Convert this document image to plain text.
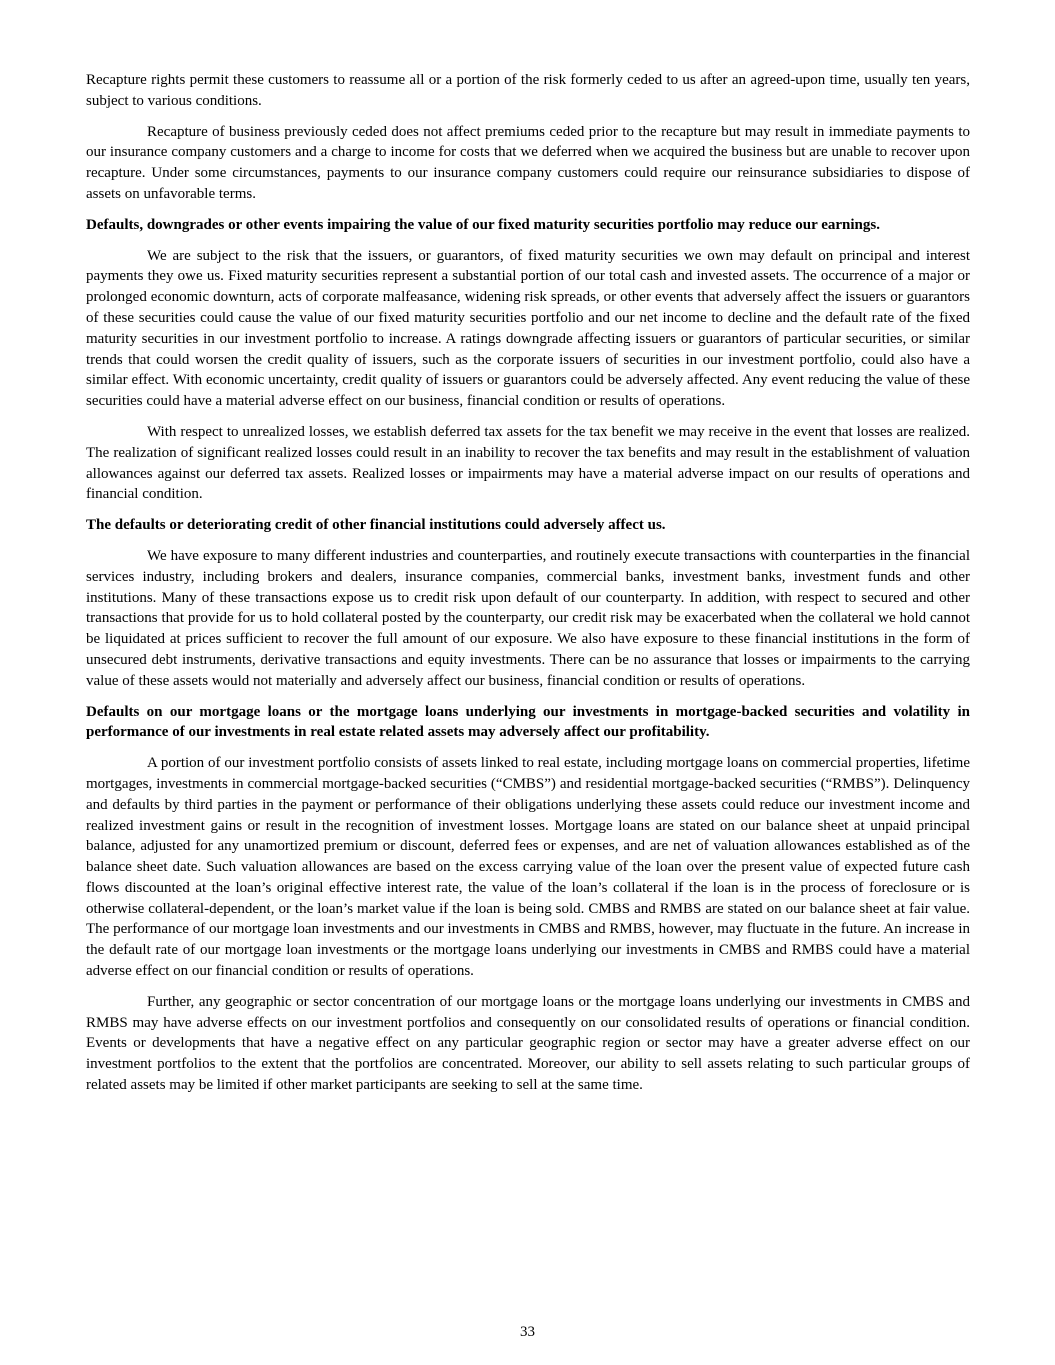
Recapture rights permit these customers to reassume all or a portion of the risk formerly ceded to us after an agreed-upon time, usually ten years, subject to various conditions.

Recapture of business previously ceded does not affect premiums ceded prior to the recapture but may result in immediate payments to our insurance company customers and a charge to income for costs that we deferred when we acquired the business but are unable to recover upon recapture. Under some circumstances, payments to our insurance company customers could require our reinsurance subsidiaries to dispose of assets on unfavorable terms.

Defaults, downgrades or other events impairing the value of our fixed maturity securities portfolio may reduce our earnings.

We are subject to the risk that the issuers, or guarantors, of fixed maturity securities we own may default on principal and interest payments they owe us. Fixed maturity securities represent a substantial portion of our total cash and invested assets. The occurrence of a major or prolonged economic downturn, acts of corporate malfeasance, widening risk spreads, or other events that adversely affect the issuers or guarantors of these securities could cause the value of our fixed maturity securities portfolio and our net income to decline and the default rate of the fixed maturity securities in our investment portfolio to increase. A ratings downgrade affecting issuers or guarantors of particular securities, or similar trends that could worsen the credit quality of issuers, such as the corporate issuers of securities in our investment portfolio, could also have a similar effect. With economic uncertainty, credit quality of issuers or guarantors could be adversely affected. Any event reducing the value of these securities could have a material adverse effect on our business, financial condition or results of operations.

With respect to unrealized losses, we establish deferred tax assets for the tax benefit we may receive in the event that losses are realized. The realization of significant realized losses could result in an inability to recover the tax benefits and may result in the establishment of valuation allowances against our deferred tax assets. Realized losses or impairments may have a material adverse impact on our results of operations and financial condition.

The defaults or deteriorating credit of other financial institutions could adversely affect us.

We have exposure to many different industries and counterparties, and routinely execute transactions with counterparties in the financial services industry, including brokers and dealers, insurance companies, commercial banks, investment banks, investment funds and other institutions. Many of these transactions expose us to credit risk upon default of our counterparty. In addition, with respect to secured and other transactions that provide for us to hold collateral posted by the counterparty, our credit risk may be exacerbated when the collateral we hold cannot be liquidated at prices sufficient to recover the full amount of our exposure. We also have exposure to these financial institutions in the form of unsecured debt instruments, derivative transactions and equity investments. There can be no assurance that losses or impairments to the carrying value of these assets would not materially and adversely affect our business, financial condition or results of operations.

Defaults on our mortgage loans or the mortgage loans underlying our investments in mortgage-backed securities and volatility in performance of our investments in real estate related assets may adversely affect our profitability.

A portion of our investment portfolio consists of assets linked to real estate, including mortgage loans on commercial properties, lifetime mortgages, investments in commercial mortgage-backed securities (“CMBS”) and residential mortgage-backed securities (“RMBS”). Delinquency and defaults by third parties in the payment or performance of their obligations underlying these assets could reduce our investment income and realized investment gains or result in the recognition of investment losses. Mortgage loans are stated on our balance sheet at unpaid principal balance, adjusted for any unamortized premium or discount, deferred fees or expenses, and are net of valuation allowances established as of the balance sheet date. Such valuation allowances are based on the excess carrying value of the loan over the present value of expected future cash flows discounted at the loan’s original effective interest rate, the value of the loan’s collateral if the loan is in the process of foreclosure or is otherwise collateral-dependent, or the loan’s market value if the loan is being sold. CMBS and RMBS are stated on our balance sheet at fair value. The performance of our mortgage loan investments and our investments in CMBS and RMBS, however, may fluctuate in the future. An increase in the default rate of our mortgage loan investments or the mortgage loans underlying our investments in CMBS and RMBS could have a material adverse effect on our financial condition or results of operations.

Further, any geographic or sector concentration of our mortgage loans or the mortgage loans underlying our investments in CMBS and RMBS may have adverse effects on our investment portfolios and consequently on our consolidated results of operations or financial condition. Events or developments that have a negative effect on any particular geographic region or sector may have a greater adverse effect on our investment portfolios to the extent that the portfolios are concentrated. Moreover, our ability to sell assets relating to such particular groups of related assets may be limited if other market participants are seeking to sell at the same time.

33
